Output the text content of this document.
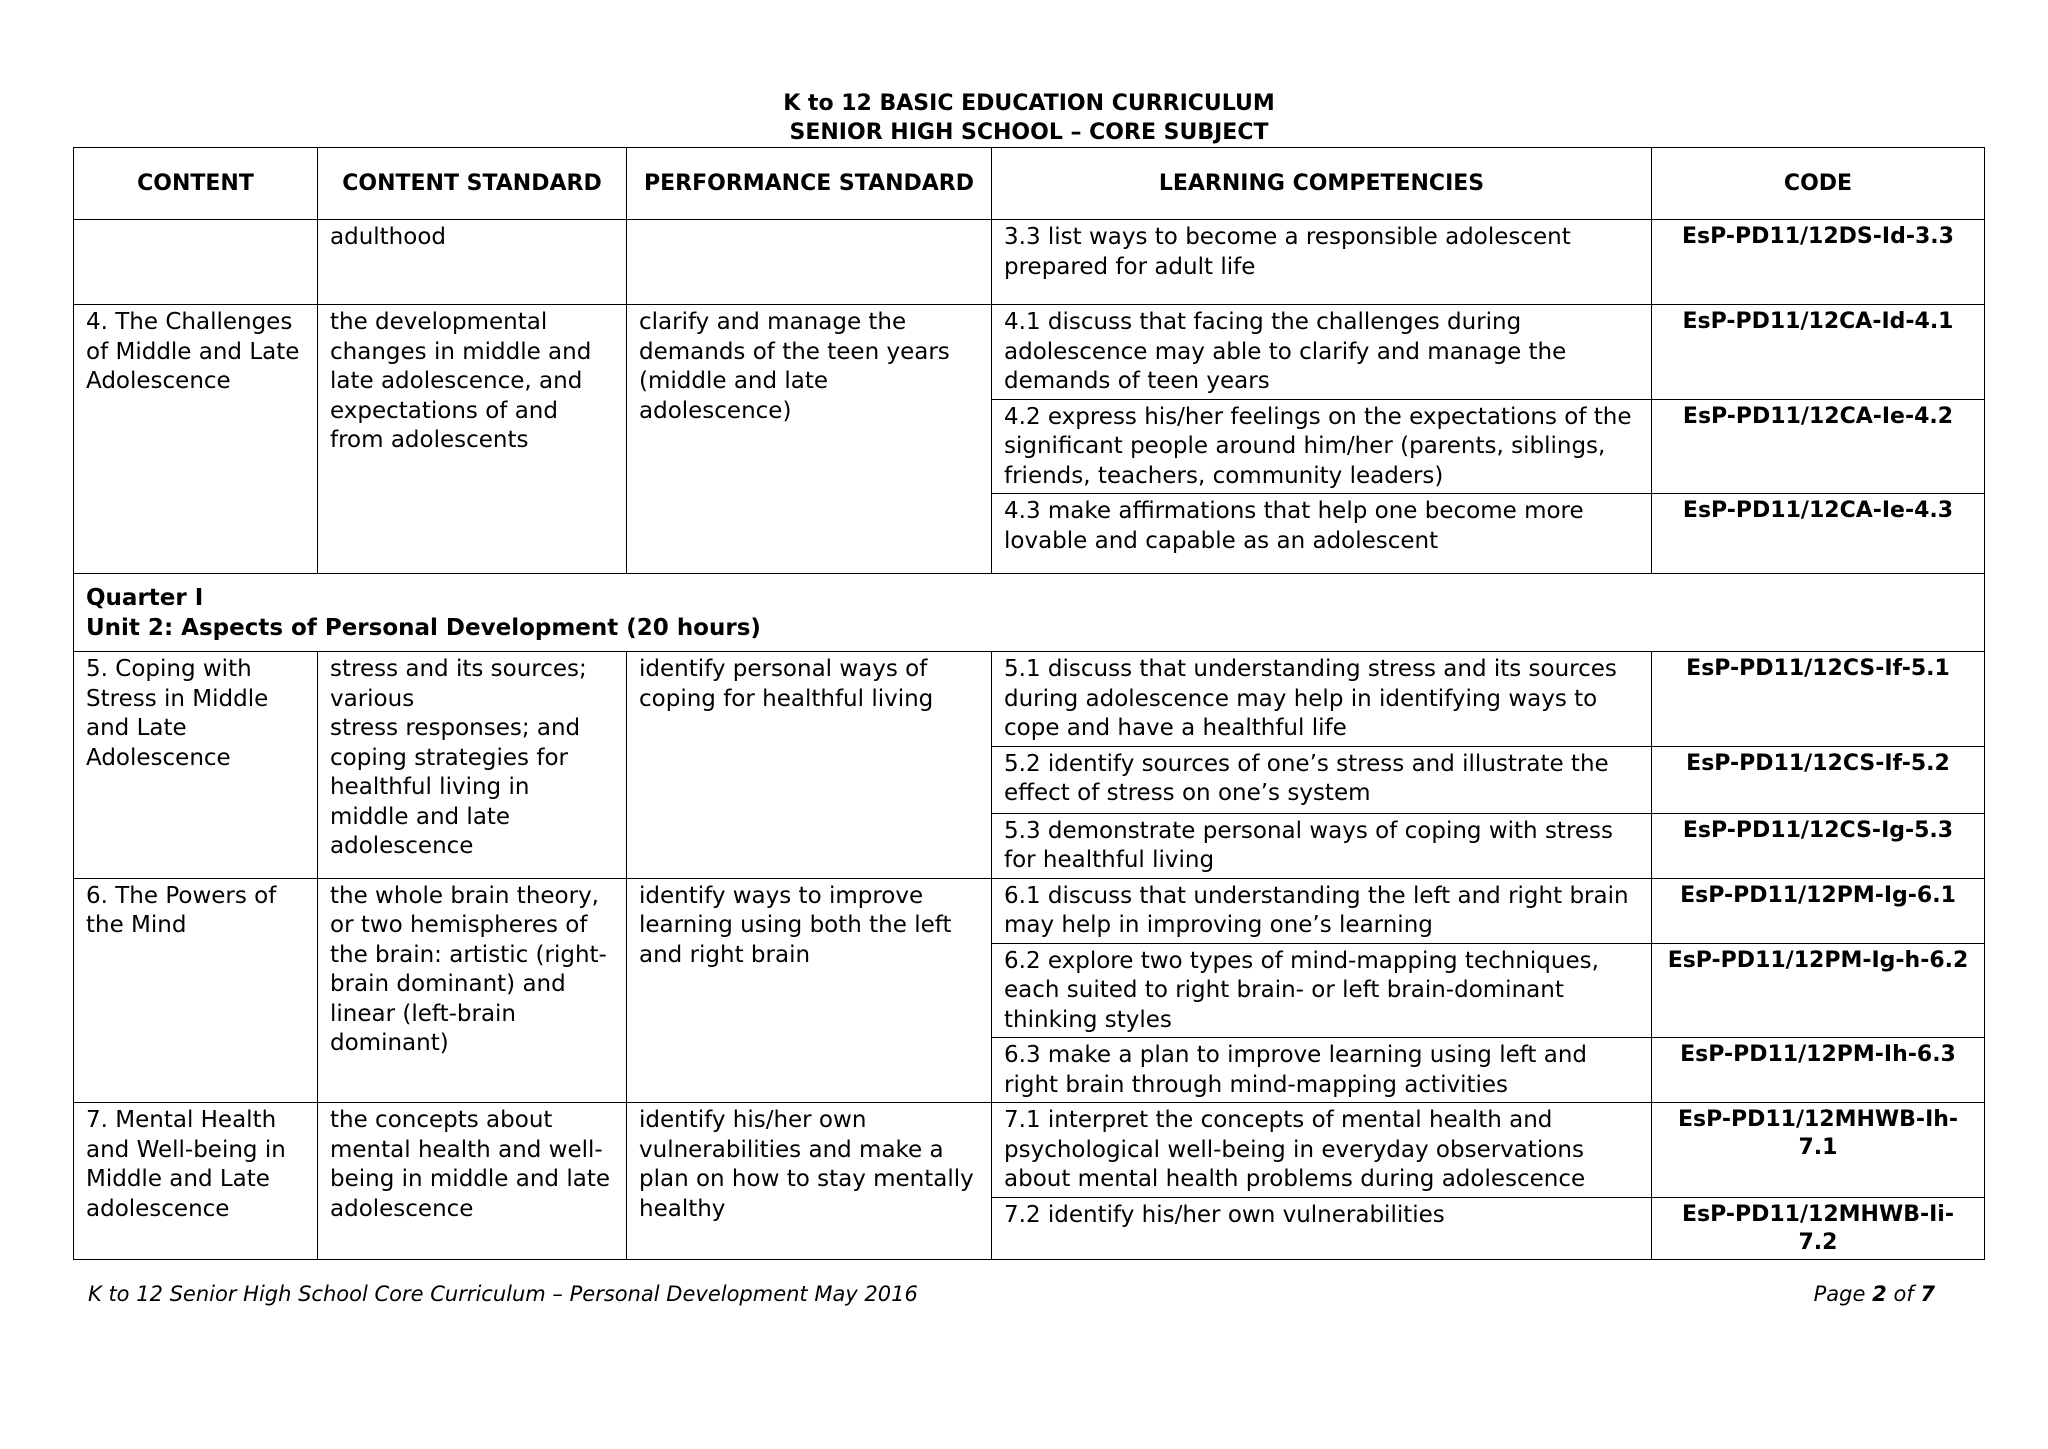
K to 12 BASIC EDUCATION CURRICULUM
SENIOR HIGH SCHOOL – CORE SUBJECT
CONTENT	CONTENT STANDARD	PERFORMANCE STANDARD	LEARNING COMPETENCIES	CODE
	adulthood		3.3 list ways to become a responsible adolescent prepared for adult life	EsP-PD11/12DS-Id-3.3
4. The Challenges of Middle and Late Adolescence	the developmental changes in middle and late adolescence, and expectations of and from adolescents	clarify and manage the demands of the teen years (middle and late adolescence)	4.1 discuss that facing the challenges during adolescence may able to clarify and manage the demands of teen years	EsP-PD11/12CA-Id-4.1
			4.2 express his/her feelings on the expectations of the significant people around him/her (parents, siblings, friends, teachers, community leaders)	EsP-PD11/12CA-Ie-4.2
			4.3 make affirmations that help one become more lovable and capable as an adolescent	EsP-PD11/12CA-Ie-4.3

Quarter I
Unit 2: Aspects of Personal Development (20 hours)				

5. Coping with Stress in Middle and Late Adolescence	stress and its sources; various
stress responses; and coping strategies for healthful living in middle and late adolescence	identify personal ways of coping for healthful living	5.1 discuss that understanding stress and its sources during adolescence may help in identifying ways to cope and have a healthful life	EsP-PD11/12CS-If-5.1
			5.2 identify sources of one’s stress and illustrate the effect of stress on one’s system	EsP-PD11/12CS-If-5.2
			5.3 demonstrate personal ways of coping with stress for healthful living	EsP-PD11/12CS-Ig-5.3
6. The Powers of the Mind	the whole brain theory, or two hemispheres of the brain: artistic (right-brain dominant) and linear (left-brain dominant)	identify ways to improve learning using both the left and right brain	6.1 discuss that understanding the left and right brain may help in improving one’s learning	EsP-PD11/12PM-Ig-6.1
			6.2 explore two types of mind-mapping techniques, each suited to right brain- or left brain-dominant thinking styles	EsP-PD11/12PM-Ig-h-6.2
			6.3 make a plan to improve learning using left and right brain through mind-mapping activities	EsP-PD11/12PM-Ih-6.3
7. Mental Health and Well-being in Middle and Late adolescence	the concepts about mental health and well-being in middle and late adolescence	identify his/her own vulnerabilities and make a plan on how to stay mentally healthy	7.1 interpret the concepts of mental health and psychological well-being in everyday observations about mental health problems during adolescence	EsP-PD11/12MHWB-Ih-7.1
			7.2 identify his/her own vulnerabilities	EsP-PD11/12MHWB-Ii-7.2
K to 12 Senior High School Core Curriculum – Personal Development May 2016	Page 2 of 7
